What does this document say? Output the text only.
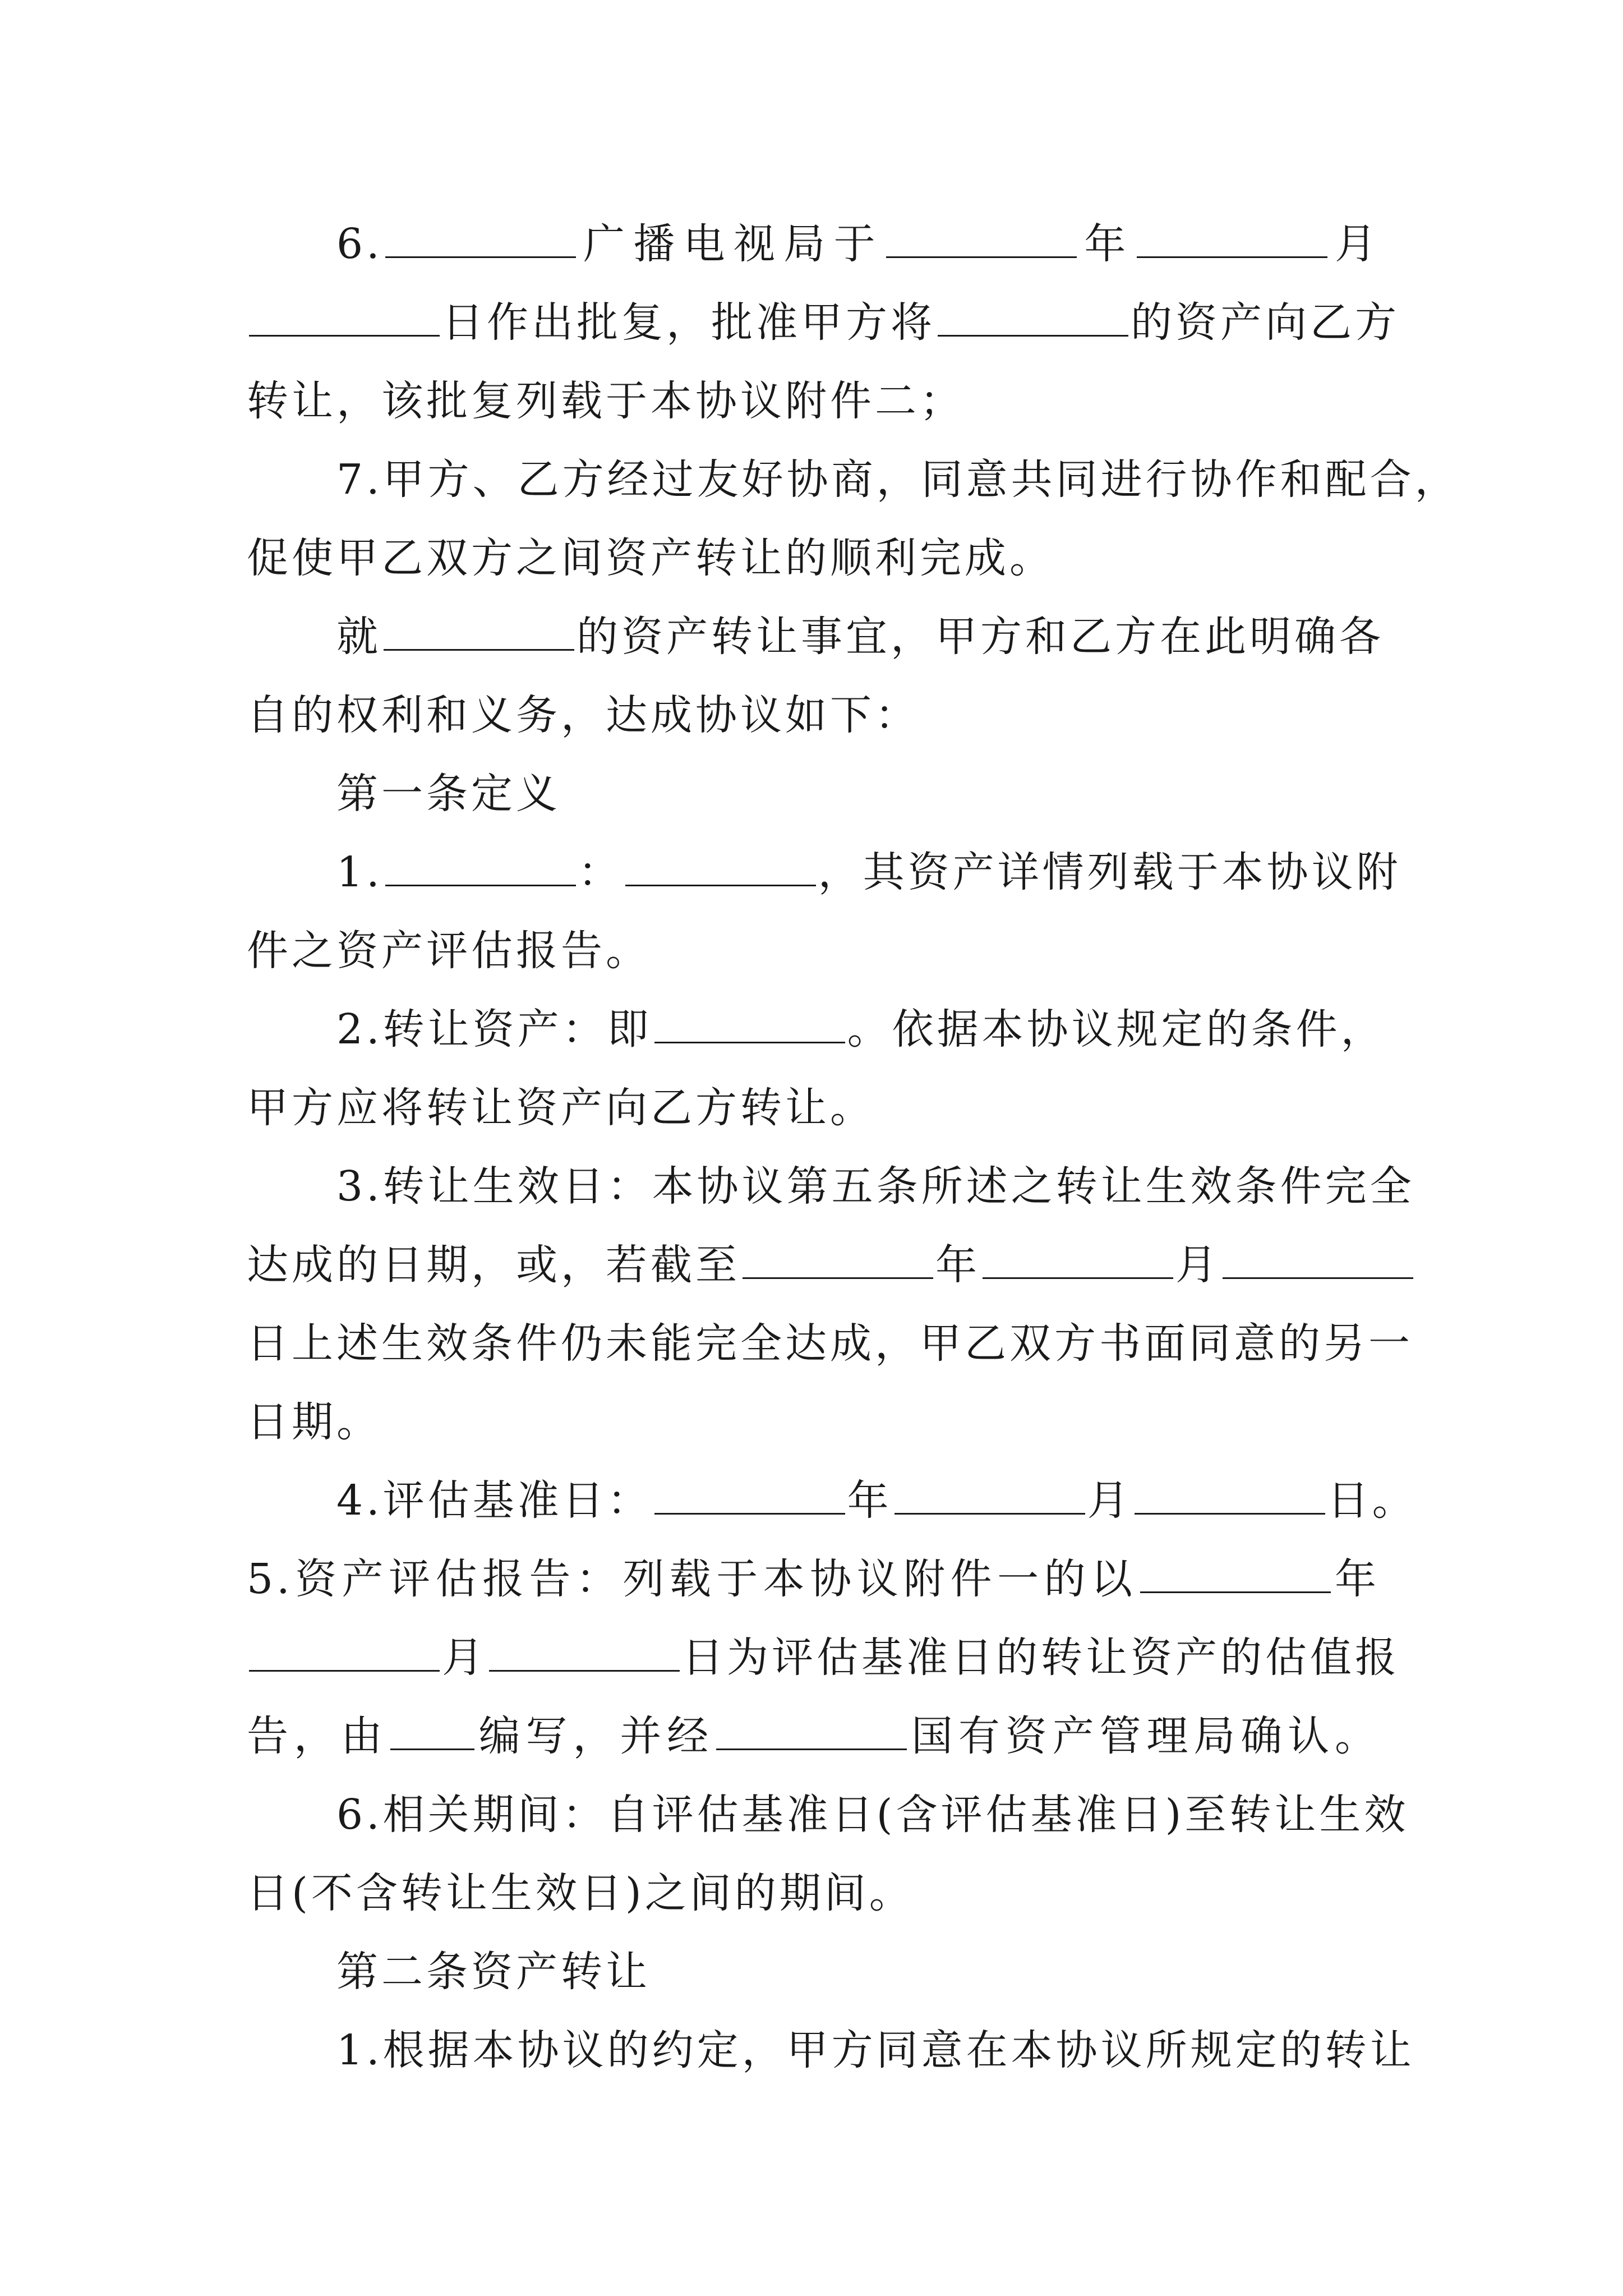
6.	广播电视局于	年	月
日作出批复，批准甲方将	的资产向乙方
转让，该批复列载于本协议附件二；
7.甲方、乙方经过友好协商，同意共同进行协作和配合，
促使甲乙双方之间资产转让的顺利完成。
就	的资产转让事宜，甲方和乙方在此明确各
自的权利和义务，达成协议如下：
第一条定义
1.	：	，其资产详情列载于本协议附
件之资产评估报告。
2.转让资产：即	。依据本协议规定的条件，
甲方应将转让资产向乙方转让。
3.转让生效日：本协议第五条所述之转让生效条件完全
达成的日期，或，若截至	年	月
日上述生效条件仍未能完全达成，甲乙双方书面同意的另一
日期。
4.评估基准日：	年	月	日。
5.资产评估报告：列载于本协议附件一的以	年
月	日为评估基准日的转让资产的估值报
告，由 编写，并经	国有资产管理局确认。
6.相关期间：自评估基准日(含评估基准日)至转让生效
日(不含转让生效日)之间的期间。
第二条资产转让
1.根据本协议的约定，甲方同意在本协议所规定的转让
